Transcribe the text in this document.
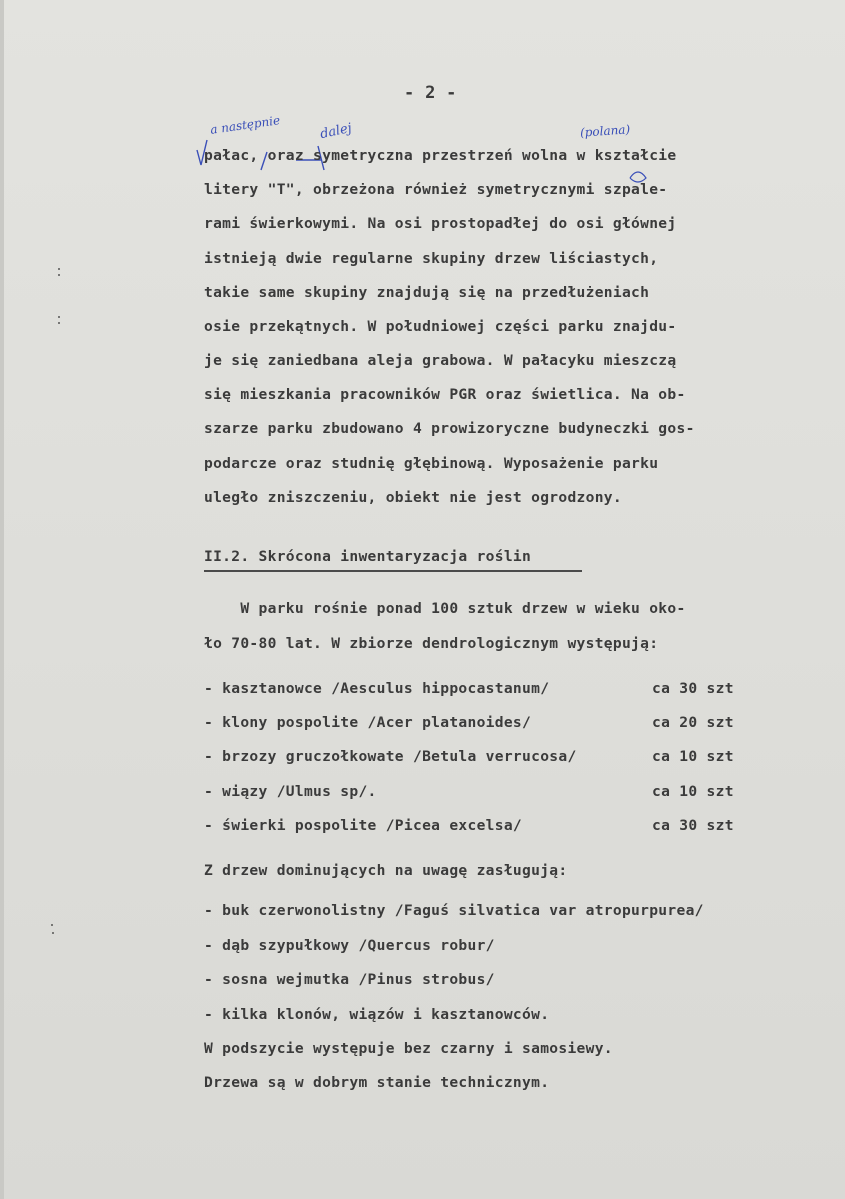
- 2 -
a następnie	dalej	(polana)
pałac, oraz symetryczna przestrzeń wolna w kształcie
litery "T", obrzeżona również symetrycznymi szpale-
rami świerkowymi. Na osi prostopadłej do osi głównej
istnieją dwie regularne skupiny drzew liściastych,
takie same skupiny znajdują się na przedłużeniach
osie przekątnych. W południowej części parku znajdu-
je się zaniedbana aleja grabowa. W pałacyku mieszczą
się mieszkania pracowników PGR oraz świetlica. Na ob-
szarze parku zbudowano 4 prowizoryczne budyneczki gos-
podarcze oraz studnię głębinową. Wyposażenie parku
uległo zniszczeniu, obiekt nie jest ogrodzony.
II.2. Skrócona inwentaryzacja roślin
W parku rośnie ponad 100 sztuk drzew w wieku oko-
ło 70-80 lat. W zbiorze dendrologicznym występują:
- kasztanowce /Aesculus hippocastanum/	ca 30 szt
- klony pospolite /Acer platanoides/	ca 20 szt
- brzozy gruczołkowate /Betula verrucosa/	ca 10 szt
- wiązy /Ulmus sp/.	ca 10 szt
- świerki pospolite /Picea excelsa/	ca 30 szt
Z drzew dominujących na uwagę zasługują:
- buk czerwonolistny /Faguś silvatica var atropurpurea/
- dąb szypułkowy /Quercus robur/
- sosna wejmutka /Pinus strobus/
- kilka klonów, wiązów i kasztanowców.
W podszycie występuje bez czarny i samosiewy.
Drzewa są w dobrym stanie technicznym.
